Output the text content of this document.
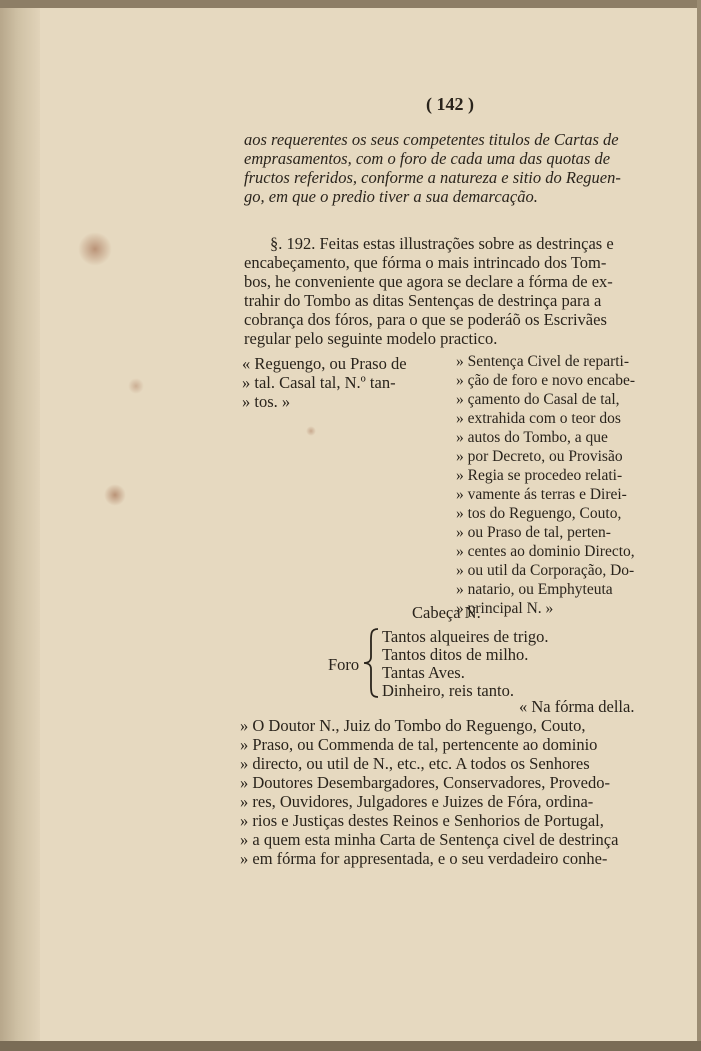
( 142 )
aos requerentes os seus competentes titulos de Cartas de
emprasamentos, com o foro de cada uma das quotas de
fructos referidos, conforme a natureza e sitio do Reguen-
go, em que o predio tiver a sua demarcação.
§. 192. Feitas estas illustrações sobre as destrinças e
encabeçamento, que fórma o mais intrincado dos Tom-
bos, he conveniente que agora se declare a fórma de ex-
trahir do Tombo as ditas Sentenças de destrinça para a
cobrança dos fóros, para o que se poderáõ os Escrivães
regular pelo seguinte modelo practico.
« Reguengo, ou Praso de
» tal. Casal tal, N.º tan-
» tos. »
» Sentença Civel de reparti-
» ção de foro e novo encabe-
» çamento do Casal de tal,
» extrahida com o teor dos
» autos do Tombo, a que
» por Decreto, ou Provisão
» Regia se procedeo relati-
» vamente ás terras e Direi-
» tos do Reguengo, Couto,
» ou Praso de tal, perten-
» centes ao dominio Directo,
» ou util da Corporação, Do-
» natario, ou Emphyteuta
» principal N. »
Cabeça N.
Foro
Tantos alqueires de trigo.
Tantos ditos de milho.
Tantas Aves.
Dinheiro, reis tanto.
« Na fórma della.
» O Doutor N., Juiz do Tombo do Reguengo, Couto,
» Praso, ou Commenda de tal, pertencente ao dominio
» directo, ou util de N., etc., etc. A todos os Senhores
» Doutores Desembargadores, Conservadores, Provedo-
» res, Ouvidores, Julgadores e Juizes de Fóra, ordina-
» rios e Justiças destes Reinos e Senhorios de Portugal,
» a quem esta minha Carta de Sentença civel de destrinça
» em fórma for appresentada, e o seu verdadeiro conhe-
